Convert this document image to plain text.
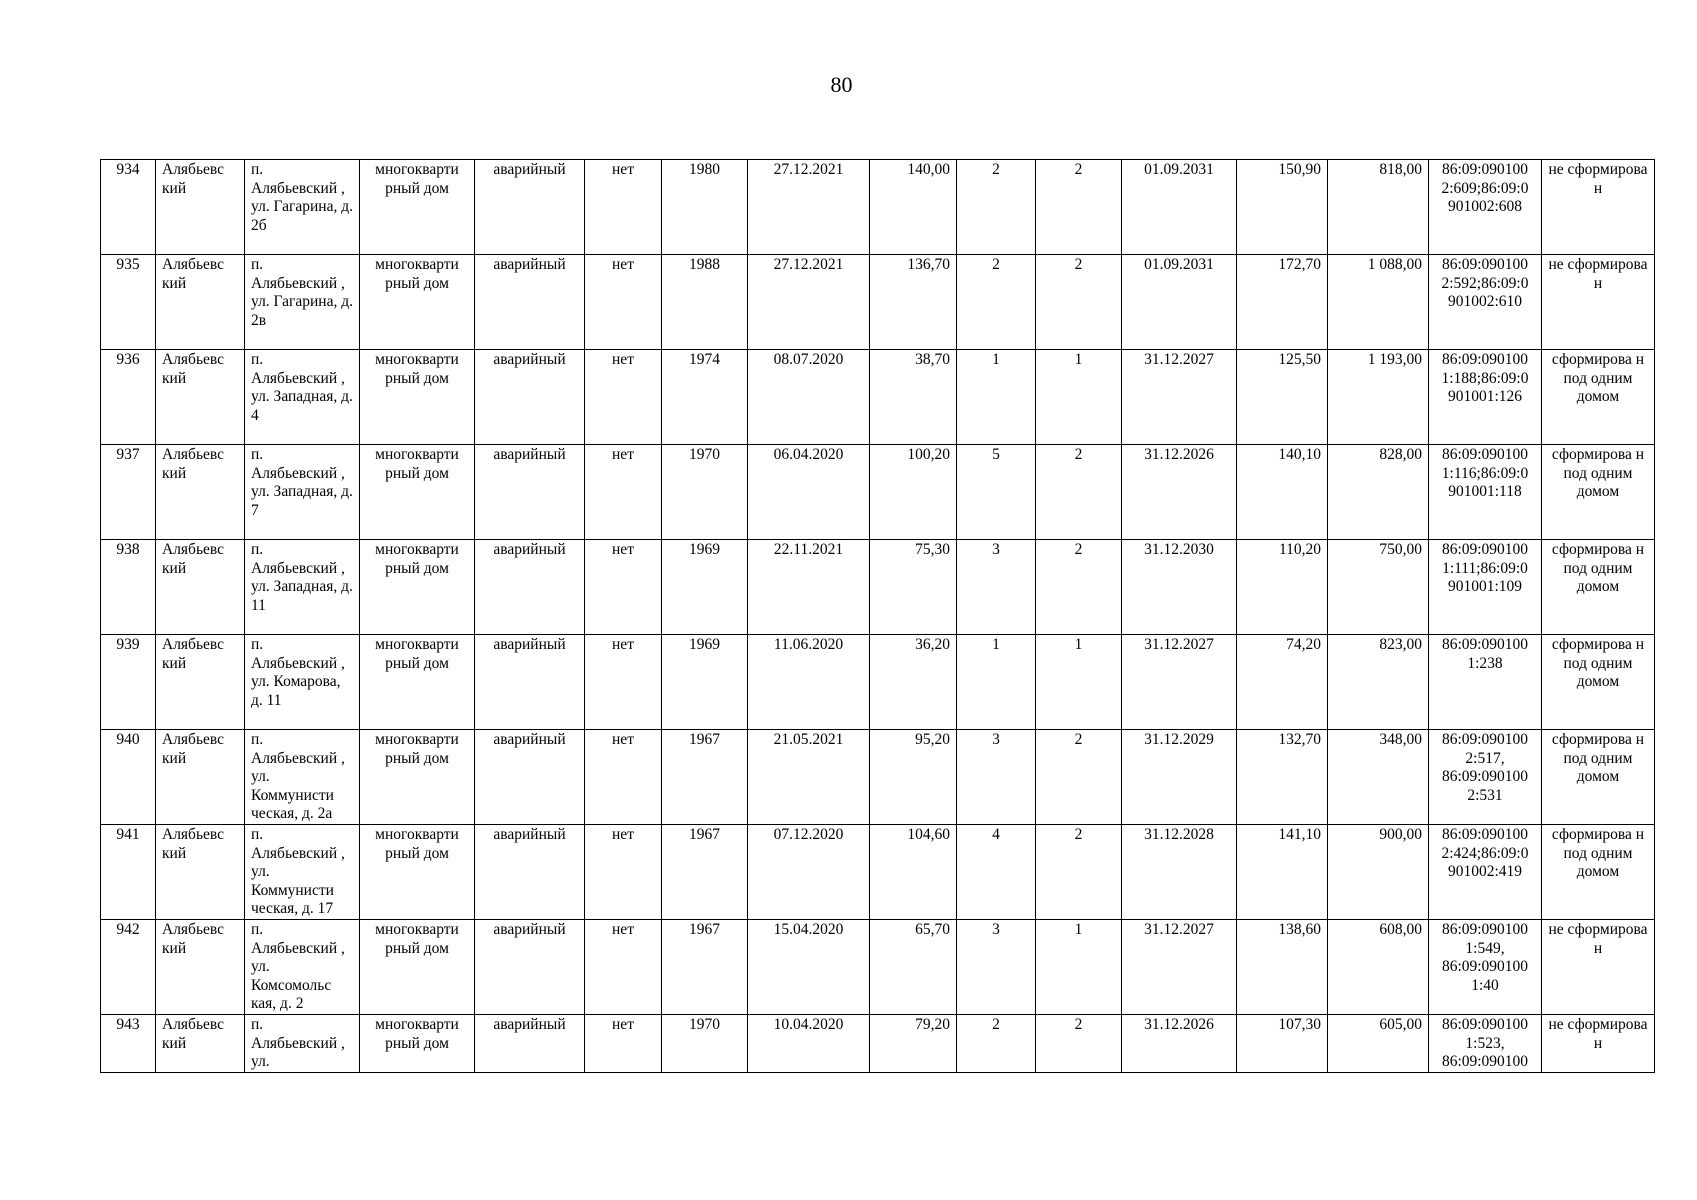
80
934	Алябьевс кий	п. Алябьевский , ул. Гагарина, д. 2б	многокварти рный дом	аварийный	нет	1980	27.12.2021	140,00	2	2	01.09.2031	150,90	818,00	86:09:090100 2:609;86:09:0 901002:608	не сформирова н
935	Алябьевс кий	п. Алябьевский , ул. Гагарина, д. 2в	многокварти рный дом	аварийный	нет	1988	27.12.2021	136,70	2	2	01.09.2031	172,70	1 088,00	86:09:090100 2:592;86:09:0 901002:610	не сформирова н
936	Алябьевс кий	п. Алябьевский , ул. Западная, д. 4	многокварти рный дом	аварийный	нет	1974	08.07.2020	38,70	1	1	31.12.2027	125,50	1 193,00	86:09:090100 1:188;86:09:0 901001:126	сформирова н под одним домом
937	Алябьевс кий	п. Алябьевский , ул. Западная, д. 7	многокварти рный дом	аварийный	нет	1970	06.04.2020	100,20	5	2	31.12.2026	140,10	828,00	86:09:090100 1:116;86:09:0 901001:118	сформирова н под одним домом
938	Алябьевс кий	п. Алябьевский , ул. Западная, д. 11	многокварти рный дом	аварийный	нет	1969	22.11.2021	75,30	3	2	31.12.2030	110,20	750,00	86:09:090100 1:111;86:09:0 901001:109	сформирова н под одним домом
939	Алябьевс кий	п. Алябьевский , ул. Комарова, д. 11	многокварти рный дом	аварийный	нет	1969	11.06.2020	36,20	1	1	31.12.2027	74,20	823,00	86:09:090100 1:238	сформирова н под одним домом
940	Алябьевс кий	п. Алябьевский , ул. Коммунисти ческая, д. 2а	многокварти рный дом	аварийный	нет	1967	21.05.2021	95,20	3	2	31.12.2029	132,70	348,00	86:09:090100 2:517, 86:09:090100 2:531	сформирова н под одним домом
941	Алябьевс кий	п. Алябьевский , ул. Коммунисти ческая, д. 17	многокварти рный дом	аварийный	нет	1967	07.12.2020	104,60	4	2	31.12.2028	141,10	900,00	86:09:090100 2:424;86:09:0 901002:419	сформирова н под одним домом
942	Алябьевс кий	п. Алябьевский , ул. Комсомольс кая, д. 2	многокварти рный дом	аварийный	нет	1967	15.04.2020	65,70	3	1	31.12.2027	138,60	608,00	86:09:090100 1:549, 86:09:090100 1:40	не сформирова н
943	Алябьевс кий	п. Алябьевский , ул.	многокварти рный дом	аварийный	нет	1970	10.04.2020	79,20	2	2	31.12.2026	107,30	605,00	86:09:090100 1:523, 86:09:090100	не сформирова н
